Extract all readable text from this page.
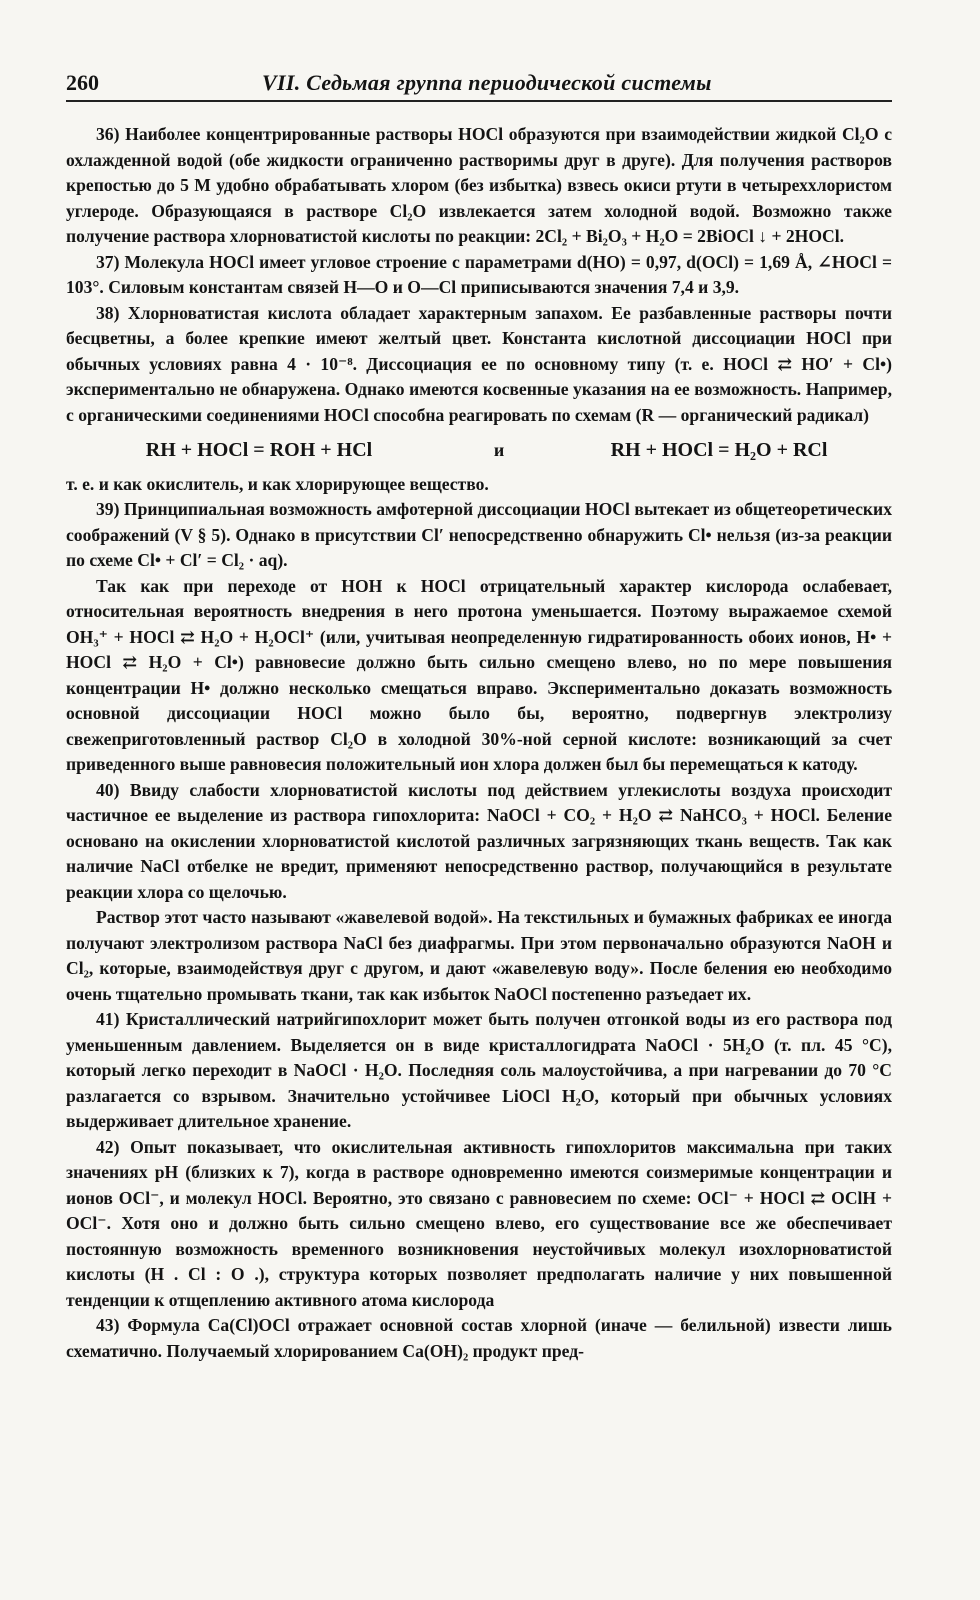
260	VII. Седьмая группа периодической системы

36) Наиболее концентрированные растворы HOCl образуются при взаимодействии жидкой Cl₂O с охлажденной водой (обе жидкости ограниченно растворимы друг в друге). Для получения растворов крепостью до 5 M удобно обрабатывать хлором (без избытка) взвесь окиси ртути в четыреххлористом углероде. Образующаяся в растворе Cl₂O извлекается затем холодной водой. Возможно также получение раствора хлорноватистой кислоты по реакции: 2Cl₂ + Bi₂O₃ + H₂O = 2BiOCl ↓ + 2HOCl.

37) Молекула HOCl имеет угловое строение с параметрами d(HO) = 0,97, d(OCl) = 1,69 Å, ∠HOCl = 103°. Силовым константам связей H—O и O—Cl приписываются значения 7,4 и 3,9.

38) Хлорноватистая кислота обладает характерным запахом. Ее разбавленные растворы почти бесцветны, а более крепкие имеют желтый цвет. Константа кислотной диссоциации HOCl при обычных условиях равна 4 · 10⁻⁸. Диссоциация ее по основному типу (т. е. HOCl ⇄ HO′ + Cl•) экспериментально не обнаружена. Однако имеются косвенные указания на ее возможность. Например, с органическими соединениями HOCl способна реагировать по схемам (R — органический радикал)

RH + HOCl = ROH + HCl	и	RH + HOCl = H₂O + RCl

т. е. и как окислитель, и как хлорирующее вещество.

39) Принципиальная возможность амфотерной диссоциации HOCl вытекает из общетеоретических соображений (V § 5). Однако в присутствии Cl′ непосредственно обнаружить Cl• нельзя (из-за реакции по схеме Cl• + Cl′ = Cl₂ · aq).

Так как при переходе от HOH к HOCl отрицательный характер кислорода ослабевает, относительная вероятность внедрения в него протона уменьшается. Поэтому выражаемое схемой OH₃⁺ + HOCl ⇄ H₂O + H₂OCl⁺ (или, учитывая неопределенную гидратированность обоих ионов, H• + HOCl ⇄ H₂O + Cl•) равновесие должно быть сильно смещено влево, но по мере повышения концентрации H• должно несколько смещаться вправо. Экспериментально доказать возможность основной диссоциации HOCl можно было бы, вероятно, подвергнув электролизу свежеприготовленный раствор Cl₂O в холодной 30%-ной серной кислоте: возникающий за счет приведенного выше равновесия положительный ион хлора должен был бы перемещаться к катоду.

40) Ввиду слабости хлорноватистой кислоты под действием углекислоты воздуха происходит частичное ее выделение из раствора гипохлорита: NaOCl + CO₂ + H₂O ⇄ NaHCO₃ + HOCl. Беление основано на окислении хлорноватистой кислотой различных загрязняющих ткань веществ. Так как наличие NaCl отбелке не вредит, применяют непосредственно раствор, получающийся в результате реакции хлора со щелочью.

Раствор этот часто называют «жавелевой водой». На текстильных и бумажных фабриках ее иногда получают электролизом раствора NaCl без диафрагмы. При этом первоначально образуются NaOH и Cl₂, которые, взаимодействуя друг с другом, и дают «жавелевую воду». После беления ею необходимо очень тщательно промывать ткани, так как избыток NaOCl постепенно разъедает их.

41) Кристаллический натрийгипохлорит может быть получен отгонкой воды из его раствора под уменьшенным давлением. Выделяется он в виде кристаллогидрата NaOCl · 5H₂O (т. пл. 45 °C), который легко переходит в NaOCl · H₂O. Последняя соль малоустойчива, а при нагревании до 70 °C разлагается со взрывом. Значительно устойчивее LiOCl H₂O, который при обычных условиях выдерживает длительное хранение.

42) Опыт показывает, что окислительная активность гипохлоритов максимальна при таких значениях pH (близких к 7), когда в растворе одновременно имеются соизмеримые концентрации и ионов OCl⁻, и молекул HOCl. Вероятно, это связано с равновесием по схеме: OCl⁻ + HOCl ⇄ OClH + OCl⁻. Хотя оно и должно быть сильно смещено влево, его существование все же обеспечивает постоянную возможность временного возникновения неустойчивых молекул изохлорноватистой кислоты (H . Cl : O .), структура которых позволяет предполагать наличие у них повышенной тенденции к отщеплению активного атома кислорода

43) Формула Ca(Cl)OCl отражает основной состав хлорной (иначе — белильной) извести лишь схематично. Получаемый хлорированием Ca(OH)₂ продукт пред-
